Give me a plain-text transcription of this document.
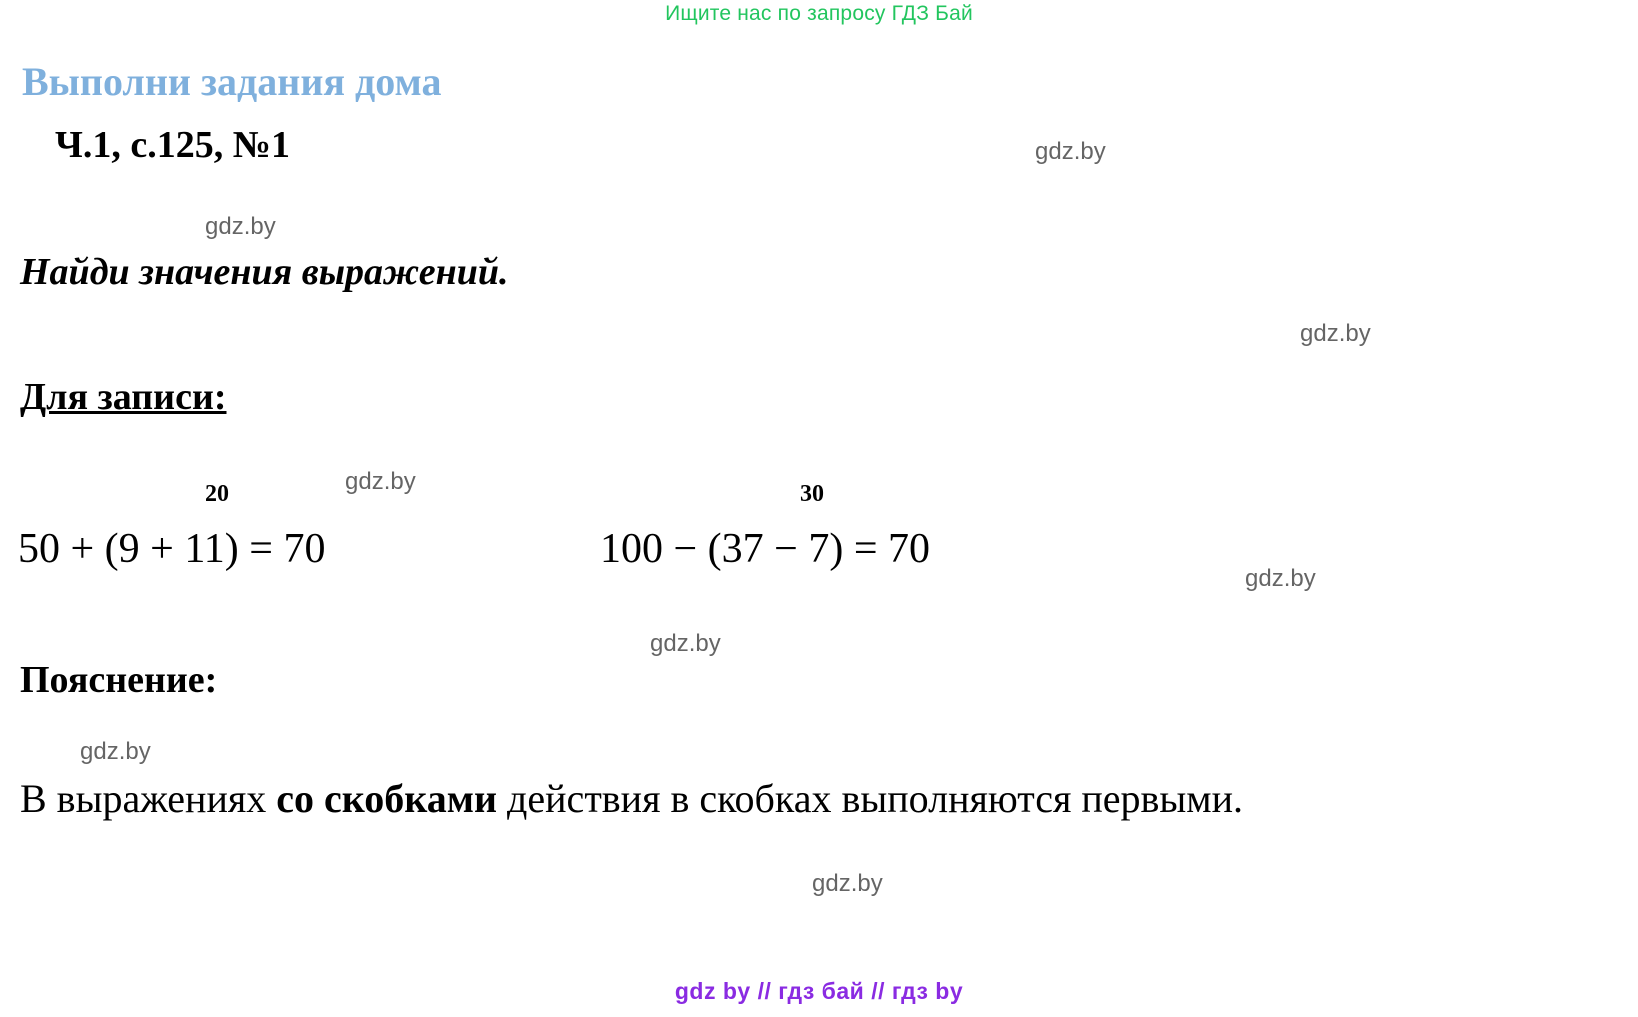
Ищите нас по запросу ГДЗ Бай
Выполни задания дома
Ч.1, с.125, №1
Найди значения выражений.
Для записи:
20
50 + (9 + 11) = 70
30
100 − (37 − 7) = 70
Пояснение:
В выражениях со скобками действия в скобках выполняются первыми.
gdz.by
gdz.by
gdz.by
gdz.by
gdz.by
gdz.by
gdz.by
gdz.by
gdz by // гдз бай // гдз by
